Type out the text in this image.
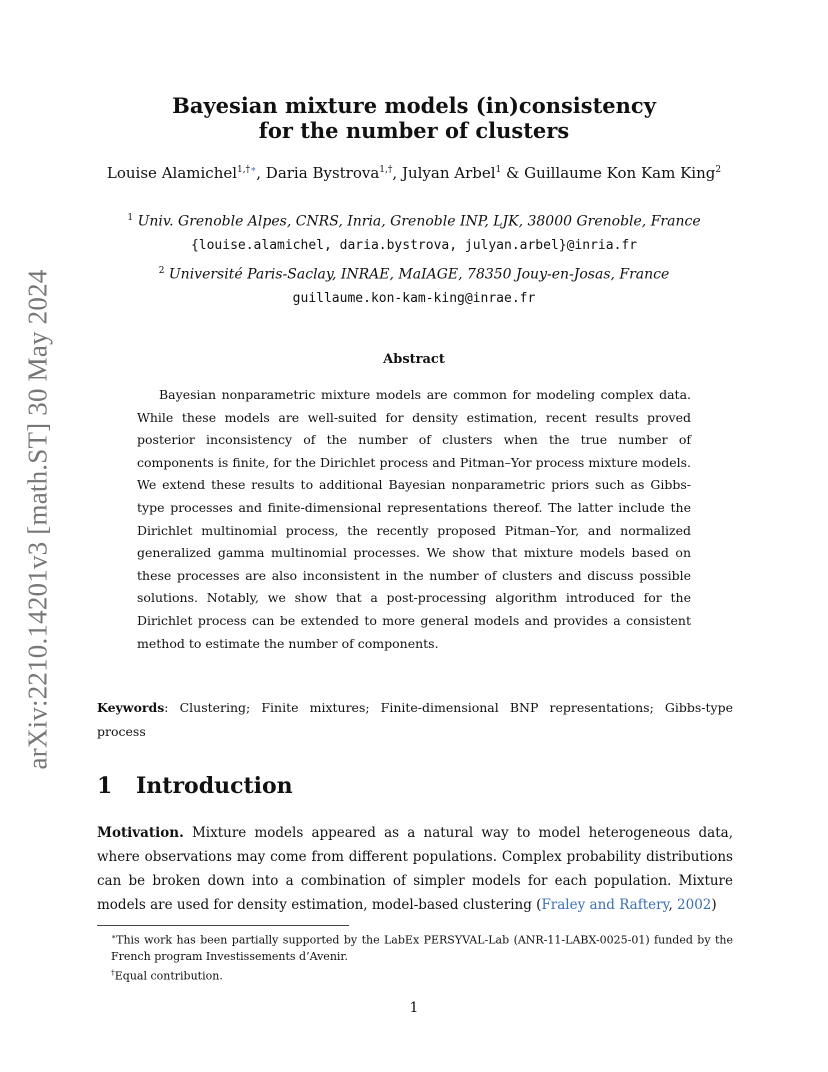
arXiv:2210.14201v3 [math.ST] 30 May 2024
Bayesian mixture models (in)consistency
for the number of clusters
Louise Alamichel$^{1,\dagger∗}$, Daria Bystrova$^{1,\dagger}$, Julyan Arbel$^1$ & Guillaume Kon Kam King$^2$
$^1$ Univ. Grenoble Alpes, CNRS, Inria, Grenoble INP, LJK, 38000 Grenoble, France
{louise.alamichel, daria.bystrova, julyan.arbel}@inria.fr
$^2$ Université Paris-Saclay, INRAE, MaIAGE, 78350 Jouy-en-Josas, France
guillaume.kon-kam-king@inrae.fr
Abstract
Bayesian nonparametric mixture models are common for modeling complex data. While these models are well-suited for density estimation, recent results proved posterior inconsistency of the number of clusters when the true number of components is finite, for the Dirichlet process and Pitman–Yor process mixture models. We extend these results to additional Bayesian nonparametric priors such as Gibbs-type processes and finite-dimensional representations thereof. The latter include the Dirichlet multinomial process, the recently proposed Pitman–Yor, and normalized generalized gamma multinomial processes. We show that mixture models based on these processes are also inconsistent in the number of clusters and discuss possible solutions. Notably, we show that a post-processing algorithm introduced for the Dirichlet process can be extended to more general models and provides a consistent method to estimate the number of components.
Keywords: Clustering; Finite mixtures; Finite-dimensional BNP representations; Gibbs-type process
1 Introduction
Motivation. Mixture models appeared as a natural way to model heterogeneous data, where observations may come from different populations. Complex probability distributions can be broken down into a combination of simpler models for each population. Mixture models are used for density estimation, model-based clustering (Fraley and Raftery, 2002)
∗This work has been partially supported by the LabEx PERSYVAL-Lab (ANR-11-LABX-0025-01) funded by the French program Investissements d’Avenir.
†Equal contribution.
1
